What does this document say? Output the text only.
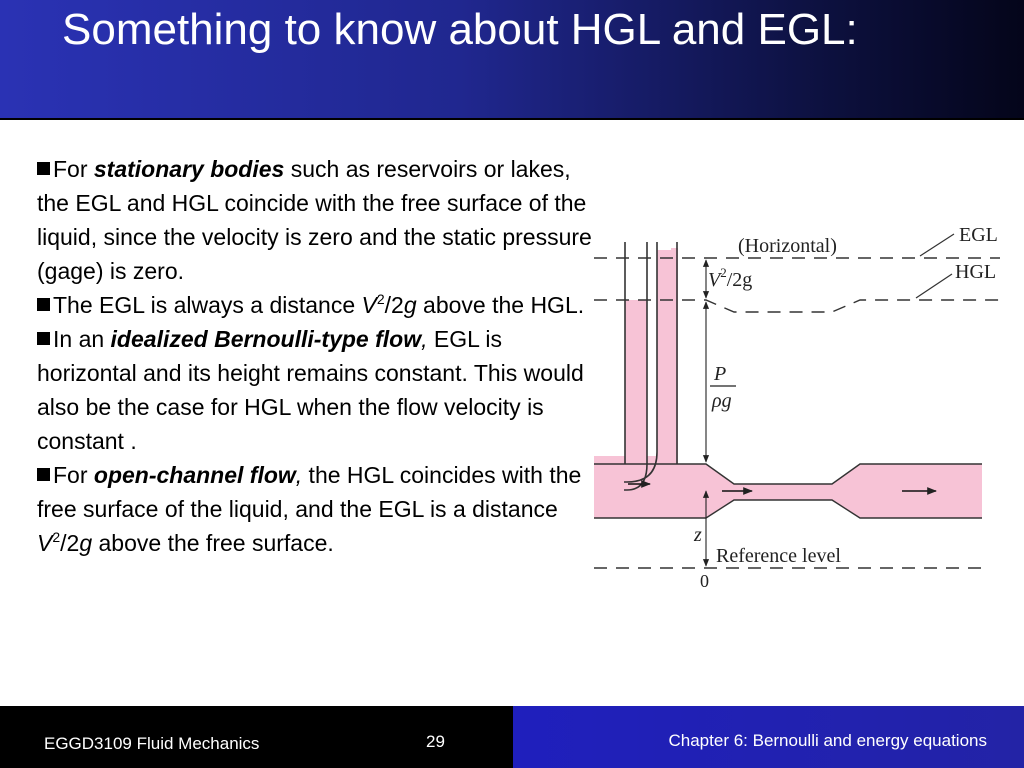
Something to know about HGL and EGL:

For stationary bodies such as reservoirs or lakes, the EGL and HGL coincide with the free surface of the liquid, since the velocity is zero and the static pressure (gage) is zero.

The EGL is always a distance $V^2/2g$ above the HGL.

In an idealized Bernoulli-type flow, EGL is horizontal and its height remains constant. This would also be the case for HGL when the flow velocity is constant .

For open-channel flow, the HGL coincides with the free surface of the liquid, and the EGL is a distance $V^2/2g$ above the free surface.

(Horizontal)	EGL
HGL
$V^2/2g$
P
ρg
z
Reference level
0
EGGD3109 Fluid Mechanics	29	Chapter 6: Bernoulli and energy equations
